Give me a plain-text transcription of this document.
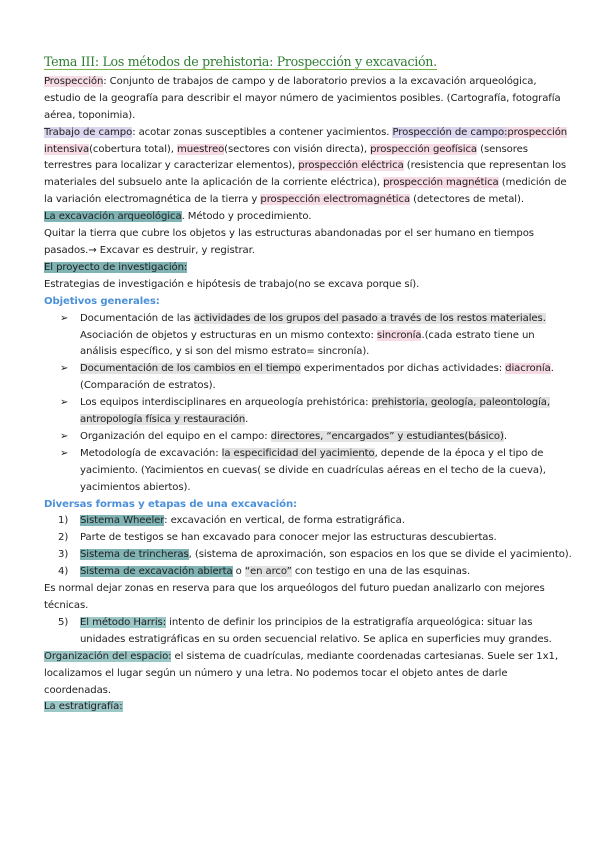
Tema III: Los métodos de prehistoria: Prospección y excavación.

Prospección: Conjunto de trabajos de campo y de laboratorio previos a la excavación arqueológica, estudio de la geografía para describir el mayor número de yacimientos posibles. (Cartografía, fotografía aérea, toponimia).

Trabajo de campo: acotar zonas susceptibles a contener yacimientos. Prospección de campo:prospección intensiva(cobertura total), muestreo(sectores con visión directa), prospección geofísica (sensores terrestres para localizar y caracterizar elementos), prospección eléctrica (resistencia que representan los materiales del subsuelo ante la aplicación de la corriente eléctrica), prospección magnética (medición de la variación electromagnética de la tierra y prospección electromagnética (detectores de metal).

La excavación arqueológica. Método y procedimiento.

Quitar la tierra que cubre los objetos y las estructuras abandonadas por el ser humano en tiempos pasados.→ Excavar es destruir, y registrar.

El proyecto de investigación:

Estrategias de investigación e hipótesis de trabajo(no se excava porque sí).

Objetivos generales:

➢ Documentación de las actividades de los grupos del pasado a través de los restos materiales. Asociación de objetos y estructuras en un mismo contexto: sincronía.(cada estrato tiene un análisis específico, y si son del mismo estrato= sincronía).
➢ Documentación de los cambios en el tiempo experimentados por dichas actividades: diacronía. (Comparación de estratos).
➢ Los equipos interdisciplinares en arqueología prehistórica: prehistoria, geología, paleontología, antropología física y restauración.
➢ Organización del equipo en el campo: directores, “encargados” y estudiantes(básico).
➢ Metodología de excavación: la especificidad del yacimiento, depende de la época y el tipo de yacimiento. (Yacimientos en cuevas( se divide en cuadrículas aéreas en el techo de la cueva), yacimientos abiertos).

Diversas formas y etapas de una excavación:

1) Sistema Wheeler: excavación en vertical, de forma estratigráfica.
2) Parte de testigos se han excavado para conocer mejor las estructuras descubiertas.
3) Sistema de trincheras, (sistema de aproximación, son espacios en los que se divide el yacimiento).
4) Sistema de excavación abierta o “en arco” con testigo en una de las esquinas.

Es normal dejar zonas en reserva para que los arqueólogos del futuro puedan analizarlo con mejores técnicas.

5) El método Harris: intento de definir los principios de la estratigrafía arqueológica: situar las unidades estratigráficas en su orden secuencial relativo. Se aplica en superficies muy grandes.

Organización del espacio: el sistema de cuadrículas, mediante coordenadas cartesianas. Suele ser 1x1, localizamos el lugar según un número y una letra. No podemos tocar el objeto antes de darle coordenadas.

La estratigrafía:
